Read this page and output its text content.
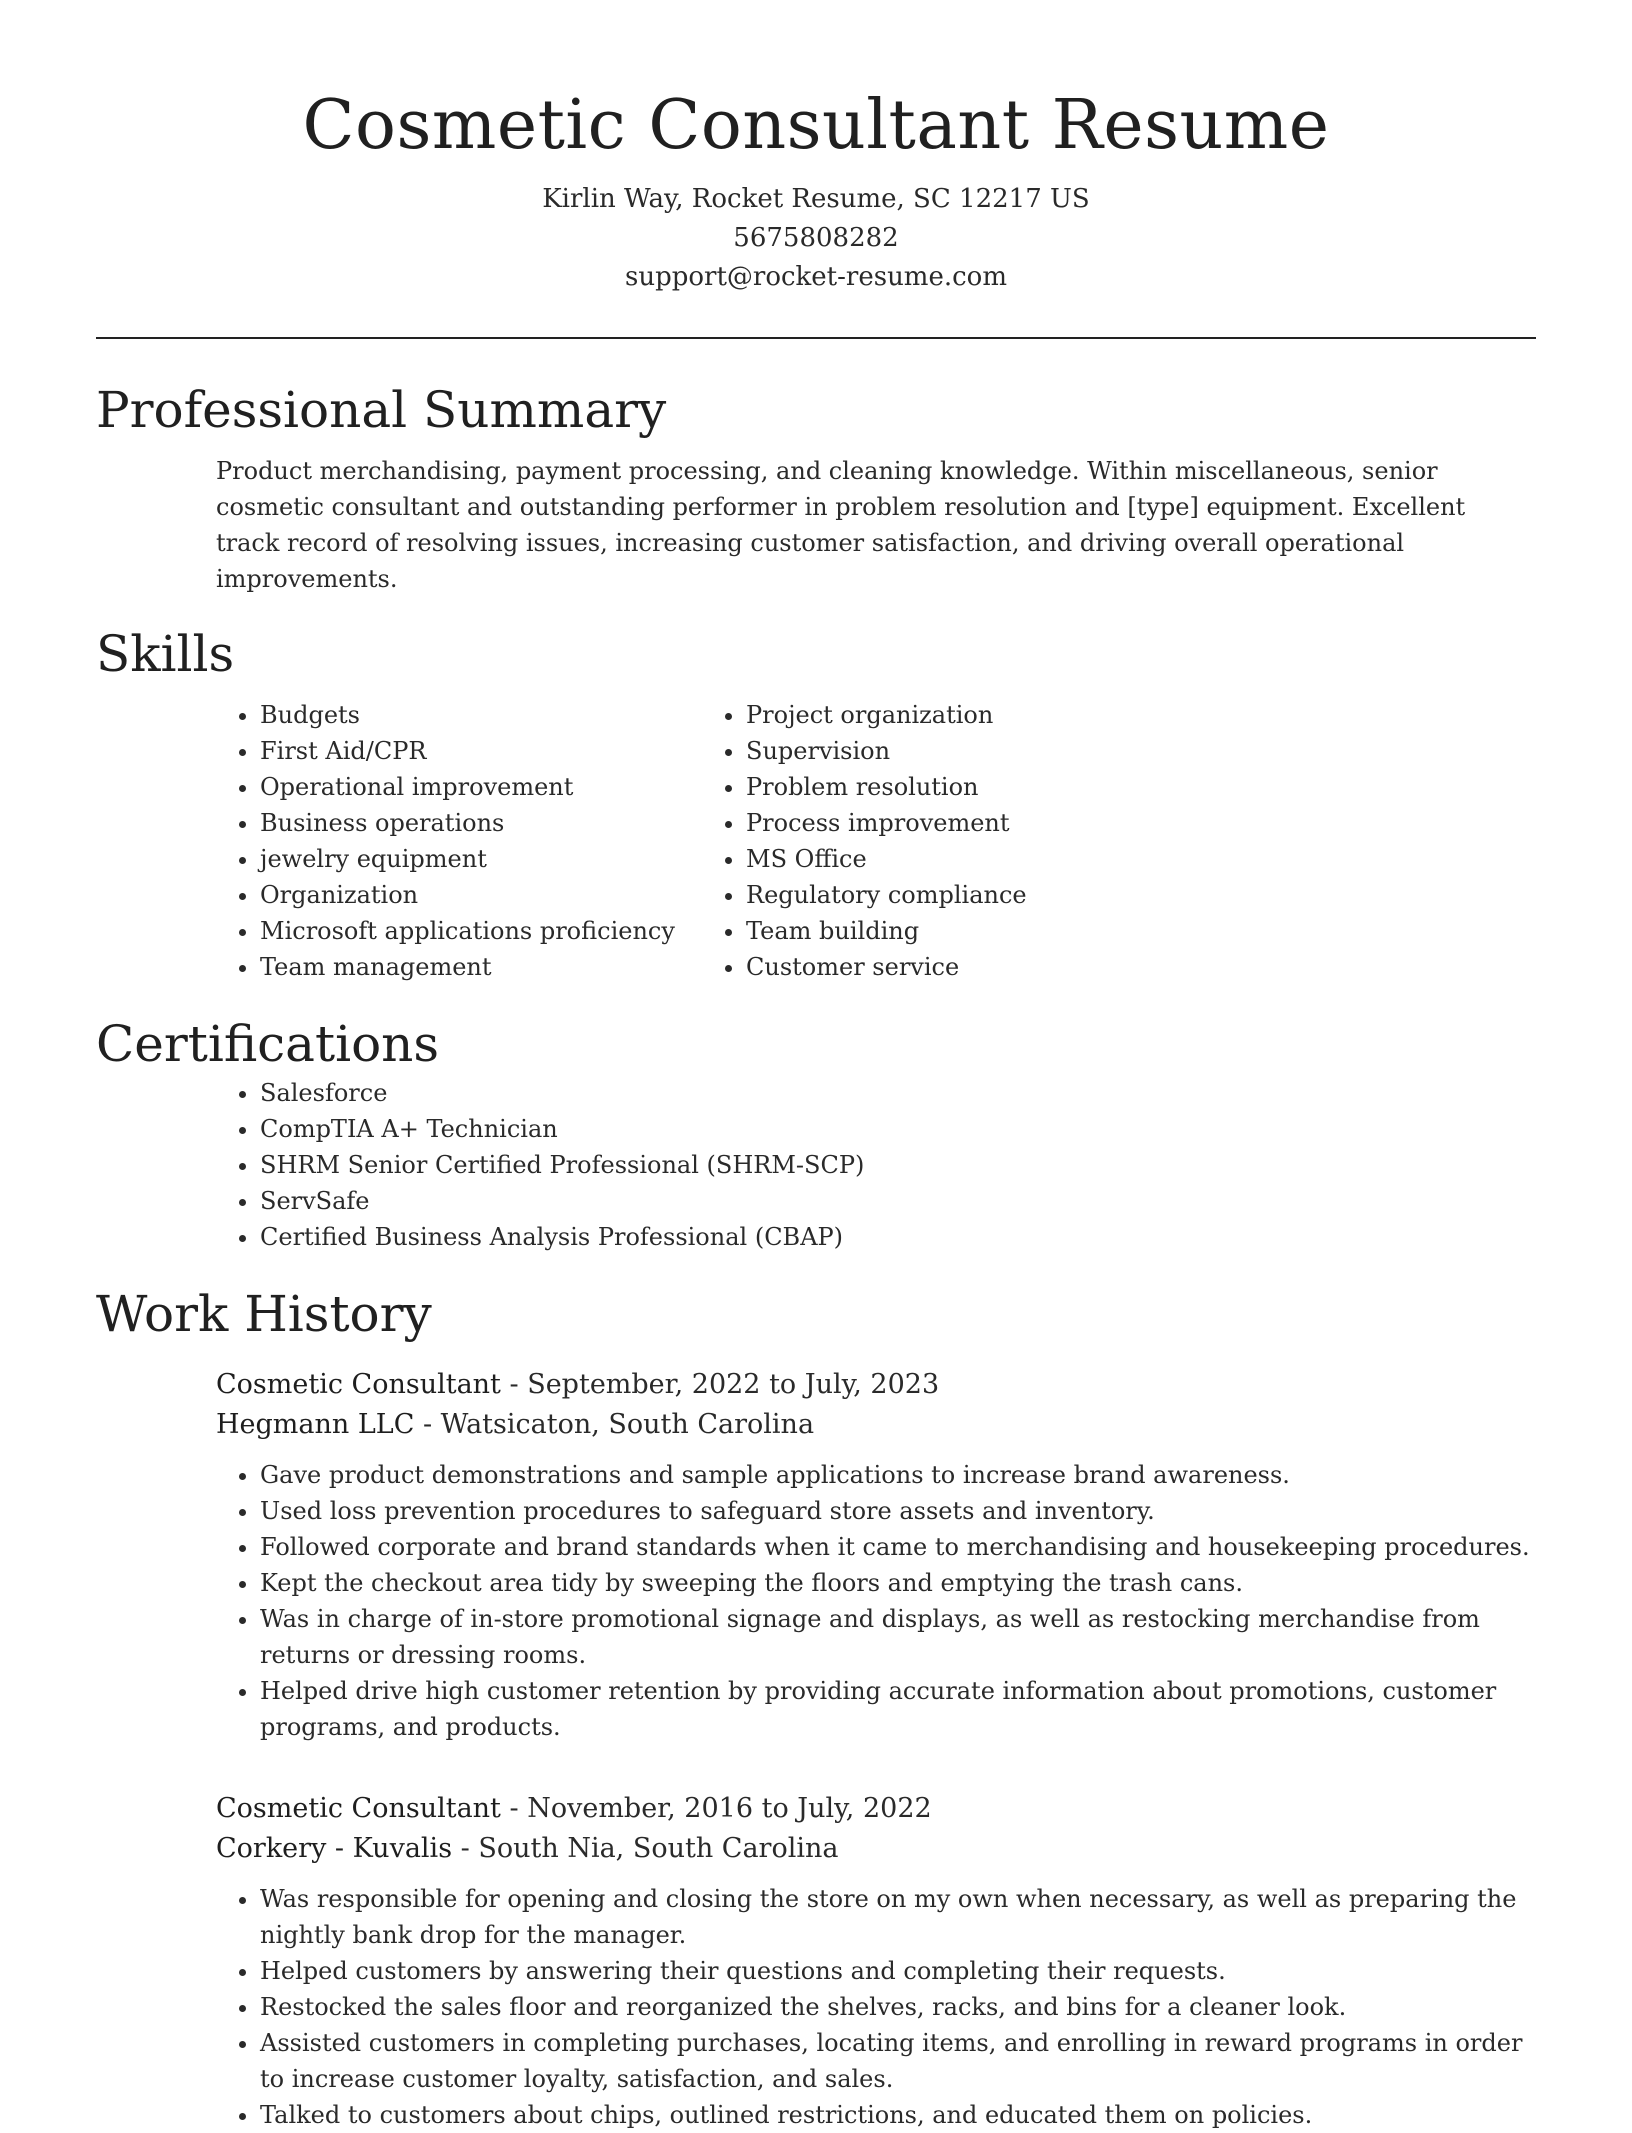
Cosmetic Consultant Resume
Kirlin Way, Rocket Resume, SC 12217 US
5675808282
support@rocket-resume.com
Professional Summary

Product merchandising, payment processing, and cleaning knowledge. Within miscellaneous, senior cosmetic consultant and outstanding performer in problem resolution and [type] equipment. Excellent track record of resolving issues, increasing customer satisfaction, and driving overall operational improvements.

Skills
• Budgets
• First Aid/CPR
• Operational improvement
• Business operations
• jewelry equipment
• Organization
• Microsoft applications proficiency
• Team management
• Project organization
• Supervision
• Problem resolution
• Process improvement
• MS Office
• Regulatory compliance
• Team building
• Customer service
Certifications
• Salesforce
• CompTIA A+ Technician
• SHRM Senior Certified Professional (SHRM-SCP)
• ServSafe
• Certified Business Analysis Professional (CBAP)
Work History
Cosmetic Consultant - September, 2022 to July, 2023
Hegmann LLC - Watsicaton, South Carolina
• Gave product demonstrations and sample applications to increase brand awareness.
• Used loss prevention procedures to safeguard store assets and inventory.
• Followed corporate and brand standards when it came to merchandising and housekeeping procedures.
• Kept the checkout area tidy by sweeping the floors and emptying the trash cans.
• Was in charge of in-store promotional signage and displays, as well as restocking merchandise from returns or dressing rooms.
• Helped drive high customer retention by providing accurate information about promotions, customer programs, and products.
Cosmetic Consultant - November, 2016 to July, 2022
Corkery - Kuvalis - South Nia, South Carolina
• Was responsible for opening and closing the store on my own when necessary, as well as preparing the nightly bank drop for the manager.
• Helped customers by answering their questions and completing their requests.
• Restocked the sales floor and reorganized the shelves, racks, and bins for a cleaner look.
• Assisted customers in completing purchases, locating items, and enrolling in reward programs in order to increase customer loyalty, satisfaction, and sales.
• Talked to customers about chips, outlined restrictions, and educated them on policies.
